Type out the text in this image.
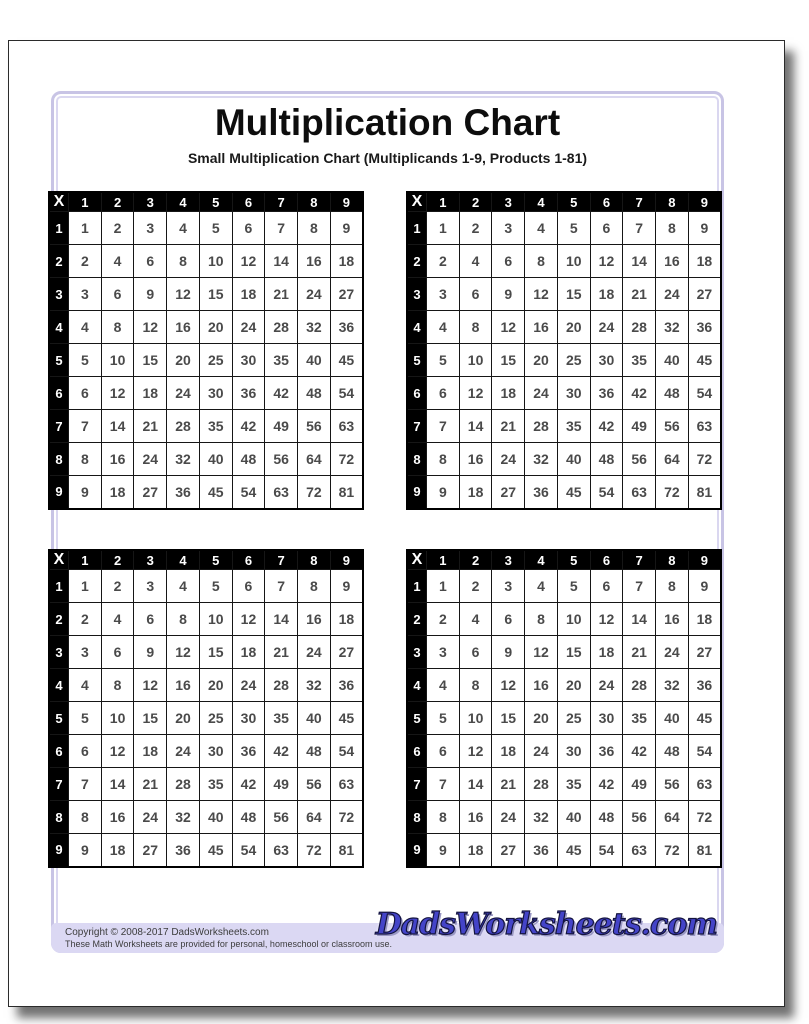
Multiplication Chart
Small Multiplication Chart (Multiplicands 1-9, Products 1-81)
X	1	2	3	4	5	6	7	8	9
1	1	2	3	4	5	6	7	8	9
2	2	4	6	8	10	12	14	16	18
3	3	6	9	12	15	18	21	24	27
4	4	8	12	16	20	24	28	32	36
5	5	10	15	20	25	30	35	40	45
6	6	12	18	24	30	36	42	48	54
7	7	14	21	28	35	42	49	56	63
8	8	16	24	32	40	48	56	64	72
9	9	18	27	36	45	54	63	72	81
X	1	2	3	4	5	6	7	8	9
1	1	2	3	4	5	6	7	8	9
2	2	4	6	8	10	12	14	16	18
3	3	6	9	12	15	18	21	24	27
4	4	8	12	16	20	24	28	32	36
5	5	10	15	20	25	30	35	40	45
6	6	12	18	24	30	36	42	48	54
7	7	14	21	28	35	42	49	56	63
8	8	16	24	32	40	48	56	64	72
9	9	18	27	36	45	54	63	72	81
X	1	2	3	4	5	6	7	8	9
1	1	2	3	4	5	6	7	8	9
2	2	4	6	8	10	12	14	16	18
3	3	6	9	12	15	18	21	24	27
4	4	8	12	16	20	24	28	32	36
5	5	10	15	20	25	30	35	40	45
6	6	12	18	24	30	36	42	48	54
7	7	14	21	28	35	42	49	56	63
8	8	16	24	32	40	48	56	64	72
9	9	18	27	36	45	54	63	72	81
X	1	2	3	4	5	6	7	8	9
1	1	2	3	4	5	6	7	8	9
2	2	4	6	8	10	12	14	16	18
3	3	6	9	12	15	18	21	24	27
4	4	8	12	16	20	24	28	32	36
5	5	10	15	20	25	30	35	40	45
6	6	12	18	24	30	36	42	48	54
7	7	14	21	28	35	42	49	56	63
8	8	16	24	32	40	48	56	64	72
9	9	18	27	36	45	54	63	72	81
Copyright © 2008-2017 DadsWorksheets.com
These Math Worksheets are provided for personal, homeschool or classroom use.
DadsWorksheets.com
